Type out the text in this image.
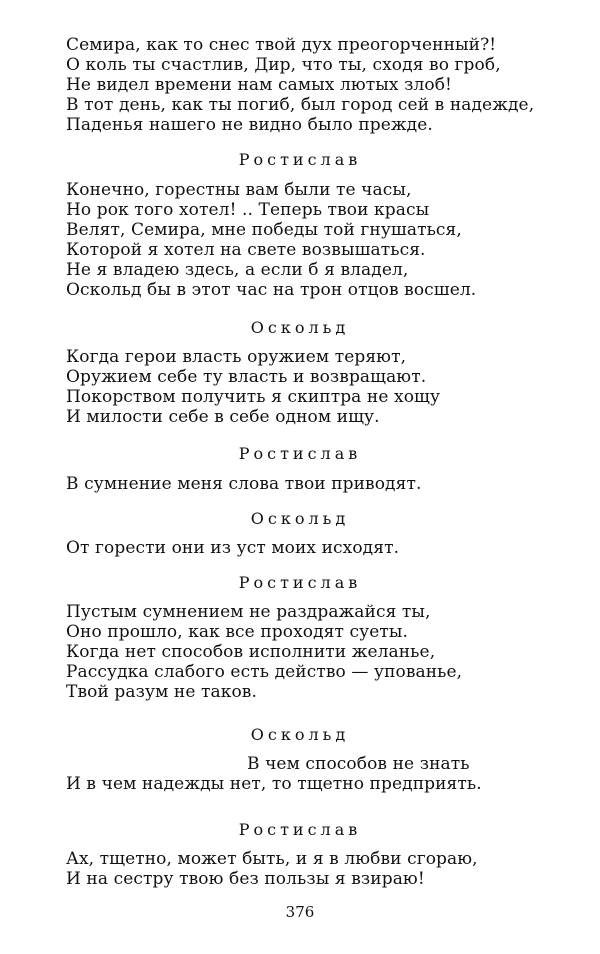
Семира, как то снес твой дух преогорченный?!
О коль ты счастлив, Дир, что ты, сходя во гроб,
Не видел времени нам самых лютых злоб!
В тот день, как ты погиб, был город сей в надежде,
Паденья нашего не видно было прежде.
Ростислав
Конечно, горестны вам были те часы,
Но рок того хотел! .. Теперь твои красы
Велят, Семира, мне победы той гнушаться,
Которой я хотел на свете возвышаться.
Не я владею здесь, а если б я владел,
Оскольд бы в этот час на трон отцов восшел.
Оскольд
Когда герои власть оружием теряют,
Оружием себе ту власть и возвращают.
Покорством получить я скиптра не хощу
И милости себе в себе одном ищу.
Ростислав
В сумнение меня слова твои приводят.
Оскольд
От горести они из уст моих исходят.
Ростислав
Пустым сумнением не раздражайся ты,
Оно прошло, как все проходят суеты.
Когда нет способов исполнити желанье,
Рассудка слабого есть действо — упованье,
Твой разум не таков.
Оскольд
В чем способов не знать
И в чем надежды нет, то тщетно предприять.
Ростислав
Ах, тщетно, может быть, и я в любви сгораю,
И на сестру твою без пользы я взираю!
376
